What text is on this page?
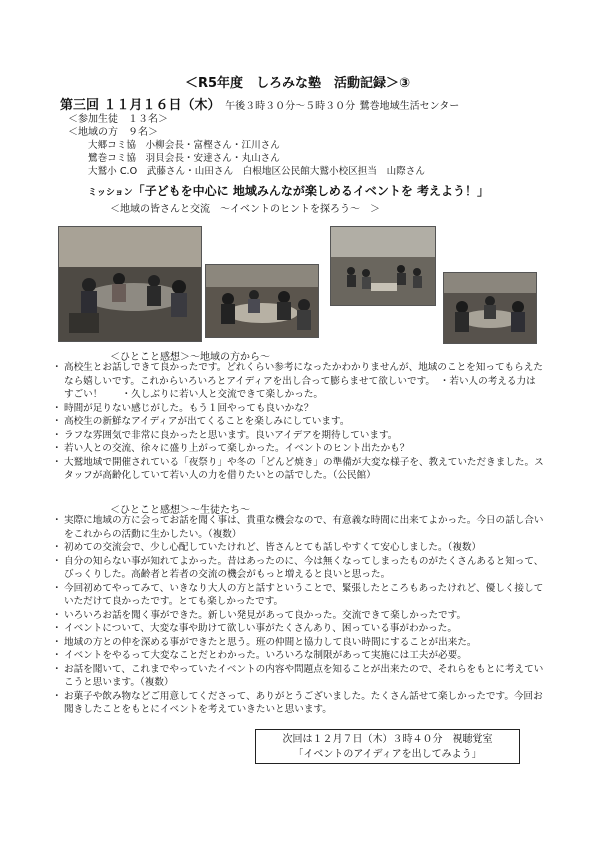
＜R5年度　しろみな塾　活動記録＞③
第三回 １１月１６日（木） 午後３時３０分～５時３０分 鷺巻地域生活センター
＜参加生徒　１３名＞
＜地域の方　９名＞
大郷コミ協　小柳会長・富樫さん・江川さん
鷺巻コミ協　羽貝会長・安達さん・丸山さん
大鷲小 C.O　武藤さん・山田さん　白根地区公民館大鷲小校区担当　山際さん
ミッション「子どもを中心に 地域みんなが楽しめるイベントを 考えよう！」
＜地域の皆さんと交流　～イベントのヒントを探ろう～　＞
＜ひとこと感想＞～地域の方から～
・ 高校生とお話しできて良かったです。どれくらい参考になったかわかりませんが、地域のことを知ってもらえたなら嬉しいです。これからいろいろとアイディアを出し合って膨らませて欲しいです。　・若い人の考える力はすごい！　　・久しぶりに若い人と交流できて楽しかった。
・ 時間が足りない感じがした。もう１回やっても良いかな？
・ 高校生の新鮮なアイディアが出てくることを楽しみにしています。
・ ラフな雰囲気で非常に良かったと思います。良いアイデアを期待しています。
・ 若い人との交流、徐々に盛り上がって楽しかった。イベントのヒント出たかも？
・ 大鷲地域で開催されている「夜祭り」や冬の「どんど焼き」の準備が大変な様子を、教えていただきました。スタッフが高齢化していて若い人の力を借りたいとの話でした。（公民館）
＜ひとこと感想＞～生徒たち～
・ 実際に地域の方に会ってお話を聞く事は、貴重な機会なので、有意義な時間に出来てよかった。今日の話し合いをこれからの活動に生かしたい。（複数）
・ 初めての交流会で、少し心配していたけれど、皆さんとても話しやすくて安心しました。（複数）
・ 自分の知らない事が知れてよかった。昔はあったのに、今は無くなってしまったものがたくさんあると知って、びっくりした。高齢者と若者の交流の機会がもっと増えると良いと思った。
・ 今回初めてやってみて、いきなり大人の方と話すということで、緊張したところもあったけれど、優しく接していただけて良かったです。とても楽しかったです。
・ いろいろお話を聞く事ができた。新しい発見があって良かった。交流できて楽しかったです。
・ イベントについて、大変な事や助けて欲しい事がたくさんあり、困っている事がわかった。
・ 地域の方との仲を深める事ができたと思う。班の仲間と協力して良い時間にすることが出来た。
・ イベントをやるって大変なことだとわかった。いろいろな制限があって実施には工夫が必要。
・ お話を聞いて、これまでやっていたイベントの内容や問題点を知ることが出来たので、それらをもとに考えていこうと思います。（複数）
・ お菓子や飲み物などご用意してくださって、ありがとうございました。たくさん話せて楽しかったです。今回お聞きしたことをもとにイベントを考えていきたいと思います。
次回は１２月７日（木）３時４０分　視聴覚室
「イベントのアイディアを出してみよう」
